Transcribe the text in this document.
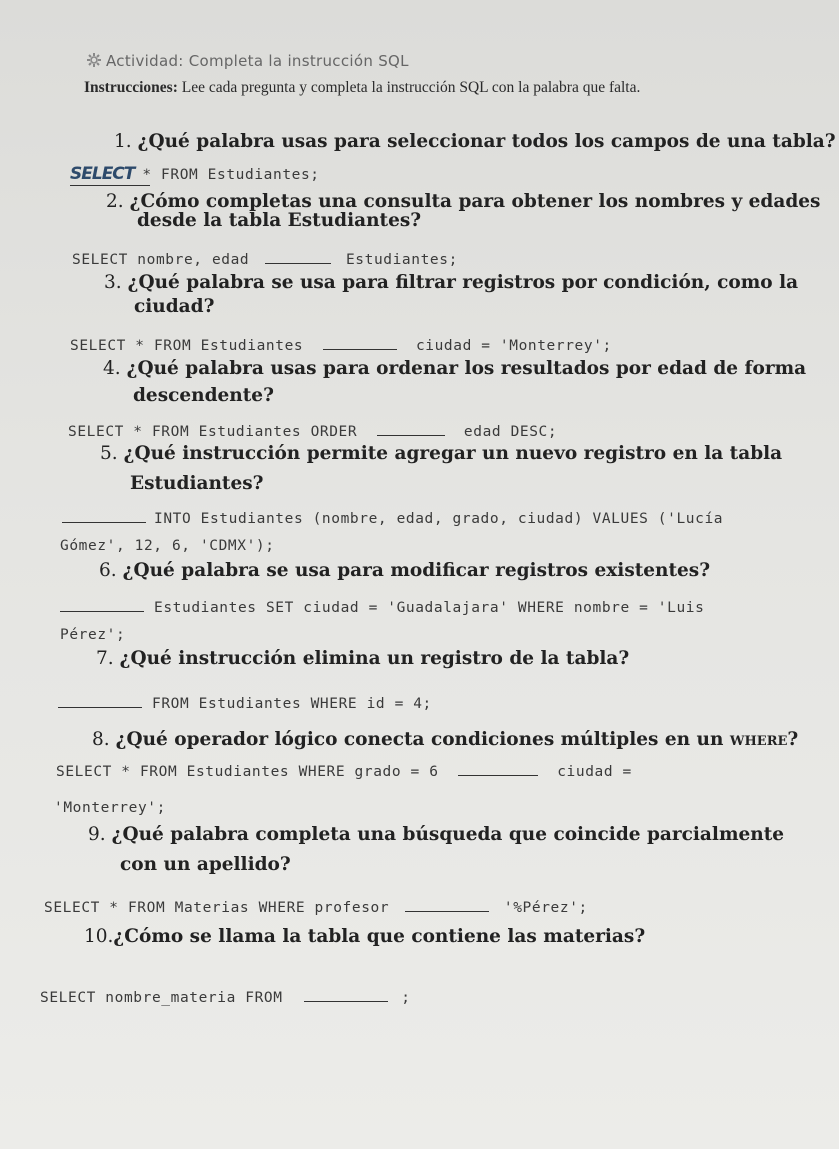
Actividad: Completa la instrucción SQL
Instrucciones: Lee cada pregunta y completa la instrucción SQL con la palabra que falta.
1. ¿Qué palabra usas para seleccionar todos los campos de una tabla?
SELECT * FROM Estudiantes;
2. ¿Cómo completas una consulta para obtener los nombres y edades
desde la tabla Estudiantes?
SELECT nombre, edad	Estudiantes;
3. ¿Qué palabra se usa para filtrar registros por condición, como la
ciudad?
SELECT * FROM Estudiantes	ciudad = 'Monterrey';
4. ¿Qué palabra usas para ordenar los resultados por edad de forma
descendente?
SELECT * FROM Estudiantes ORDER	edad DESC;
5. ¿Qué instrucción permite agregar un nuevo registro en la tabla
Estudiantes?
INTO Estudiantes (nombre, edad, grado, ciudad) VALUES ('Lucía
Gómez', 12, 6, 'CDMX');
6. ¿Qué palabra se usa para modificar registros existentes?
Estudiantes SET ciudad = 'Guadalajara' WHERE nombre = 'Luis
Pérez';
7. ¿Qué instrucción elimina un registro de la tabla?
FROM Estudiantes WHERE id = 4;
8. ¿Qué operador lógico conecta condiciones múltiples en un where?
SELECT * FROM Estudiantes WHERE grado = 6	ciudad =
'Monterrey';
9. ¿Qué palabra completa una búsqueda que coincide parcialmente
con un apellido?
SELECT * FROM Materias WHERE profesor	'%Pérez';
10.¿Cómo se llama la tabla que contiene las materias?
SELECT nombre_materia FROM	;
